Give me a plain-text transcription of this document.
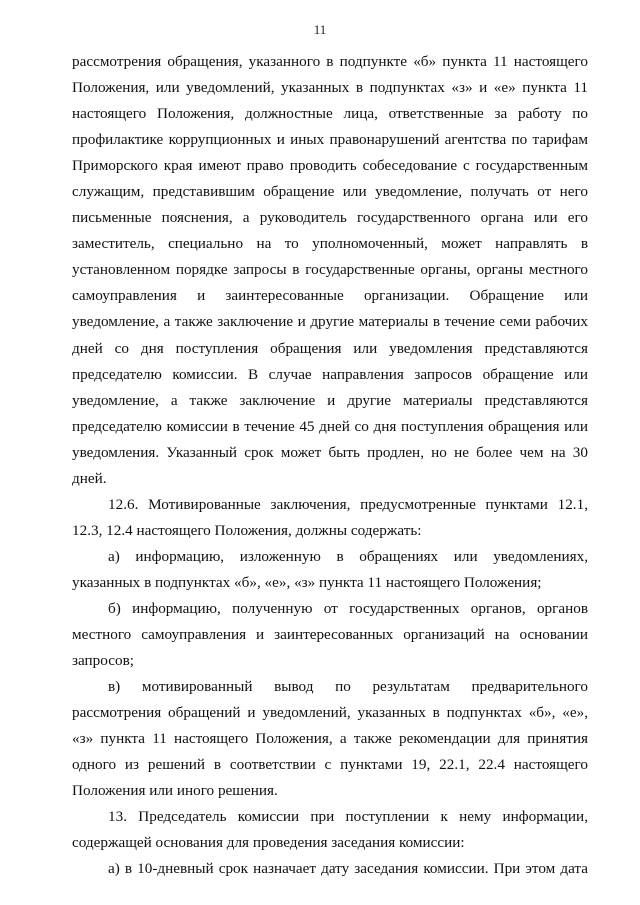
11

рассмотрения обращения, указанного в подпункте «б» пункта 11 настоящего Положения, или уведомлений, указанных в подпунктах «з» и «е» пункта 11 настоящего Положения, должностные лица, ответственные за работу по профилактике коррупционных и иных правонарушений агентства по тарифам Приморского края имеют право проводить собеседование с государственным служащим, представившим обращение или уведомление, получать от него письменные пояснения, а руководитель государственного органа или его заместитель, специально на то уполномоченный, может направлять в установленном порядке запросы в государственные органы, органы местного самоуправления и заинтересованные организации. Обращение или уведомление, а также заключение и другие материалы в течение семи рабочих дней со дня поступления обращения или уведомления представляются председателю комиссии. В случае направления запросов обращение или уведомление, а также заключение и другие материалы представляются председателю комиссии в течение 45 дней со дня поступления обращения или уведомления. Указанный срок может быть продлен, но не более чем на 30 дней.

12.6. Мотивированные заключения, предусмотренные пунктами 12.1, 12.3, 12.4 настоящего Положения, должны содержать:

а) информацию, изложенную в обращениях или уведомлениях, указанных в подпунктах «б», «е», «з» пункта 11 настоящего Положения;

б) информацию, полученную от государственных органов, органов местного самоуправления и заинтересованных организаций на основании запросов;

в) мотивированный вывод по результатам предварительного рассмотрения обращений и уведомлений, указанных в подпунктах «б», «е», «з» пункта 11 настоящего Положения, а также рекомендации для принятия одного из решений в соответствии с пунктами 19, 22.1, 22.4 настоящего Положения или иного решения.

13. Председатель комиссии при поступлении к нему информации, содержащей основания для проведения заседания комиссии:

а) в 10-дневный срок назначает дату заседания комиссии. При этом дата
